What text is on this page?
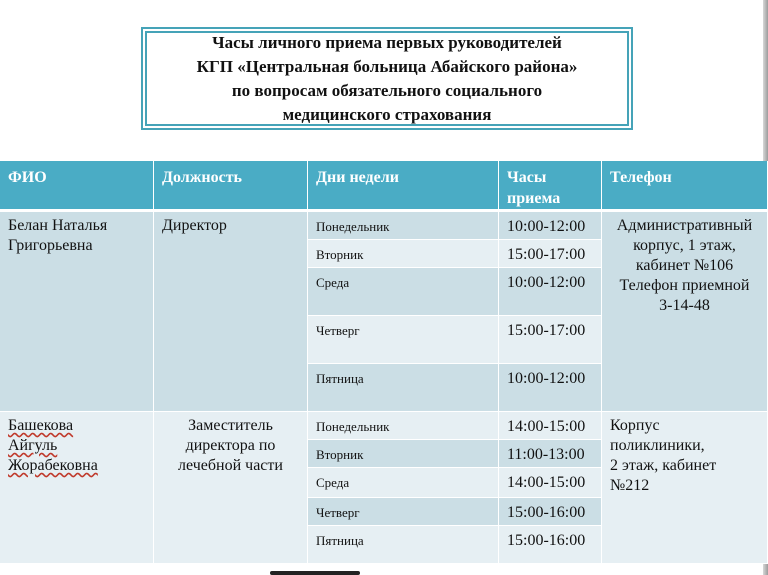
Часы личного приема первых руководителей
КГП «Центральная больница Абайского района»
по вопросам обязательного социального
медицинского страхования
ФИО	Должность	Дни недели	Часы
приема	Телефон
Белан Наталья
Григорьевна	Директор	Понедельник	10:00-12:00	Административный
корпус, 1 этаж,
кабинет №106
Телефон приемной
3-14-48
		Вторник	15:00-17:00	
		Среда	10:00-12:00	
		Четверг	15:00-17:00	
		Пятница	10:00-12:00	
Башекова
Айгуль
Жорабековна	Заместитель
директора по
лечебной части	Понедельник	14:00-15:00	Корпус
поликлиники,
2 этаж, кабинет
№212
		Вторник	11:00-13:00	
		Среда	14:00-15:00	
		Четверг	15:00-16:00	
		Пятница	15:00-16:00	
